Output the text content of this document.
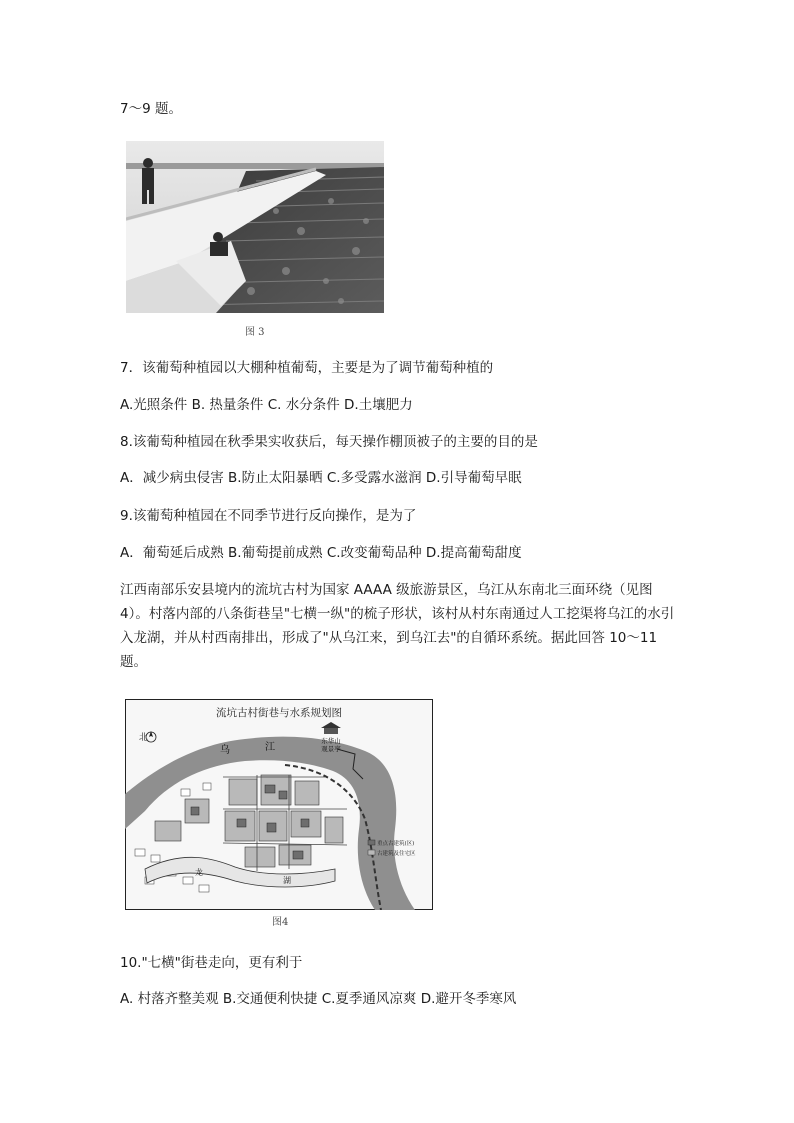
7～9 题。
图 3
7．该葡萄种植园以大棚种植葡萄，主要是为了调节葡萄种植的
A.光照条件 B. 热量条件 C. 水分条件 D.土壤肥力
8.该葡萄种植园在秋季果实收获后，每天操作棚顶被子的主要的目的是
A．减少病虫侵害 B.防止太阳暴晒 C.多受露水滋润 D.引导葡萄早眠
9.该葡萄种植园在不同季节进行反向操作，是为了
A．葡萄延后成熟 B.葡萄提前成熟 C.改变葡萄品种 D.提高葡萄甜度
江西南部乐安县境内的流坑古村为国家 AAAA 级旅游景区，乌江从东南北三面环绕（见图 4）。村落内部的八条街巷呈"七横一纵"的梳子形状，该村从村东南通过人工挖渠将乌江的水引入龙湖，并从村西南排出，形成了"从乌江来，到乌江去"的自循环系统。据此回答 10～11 题。
流坑古村街巷与水系规划图
北
乌	江
东华山
观景亭
龙
湖
重点古建筑(区)
古建筑及住宅区
图4
10."七横"街巷走向，更有利于
A. 村落齐整美观 B.交通便利快捷 C.夏季通风凉爽 D.避开冬季寒风
